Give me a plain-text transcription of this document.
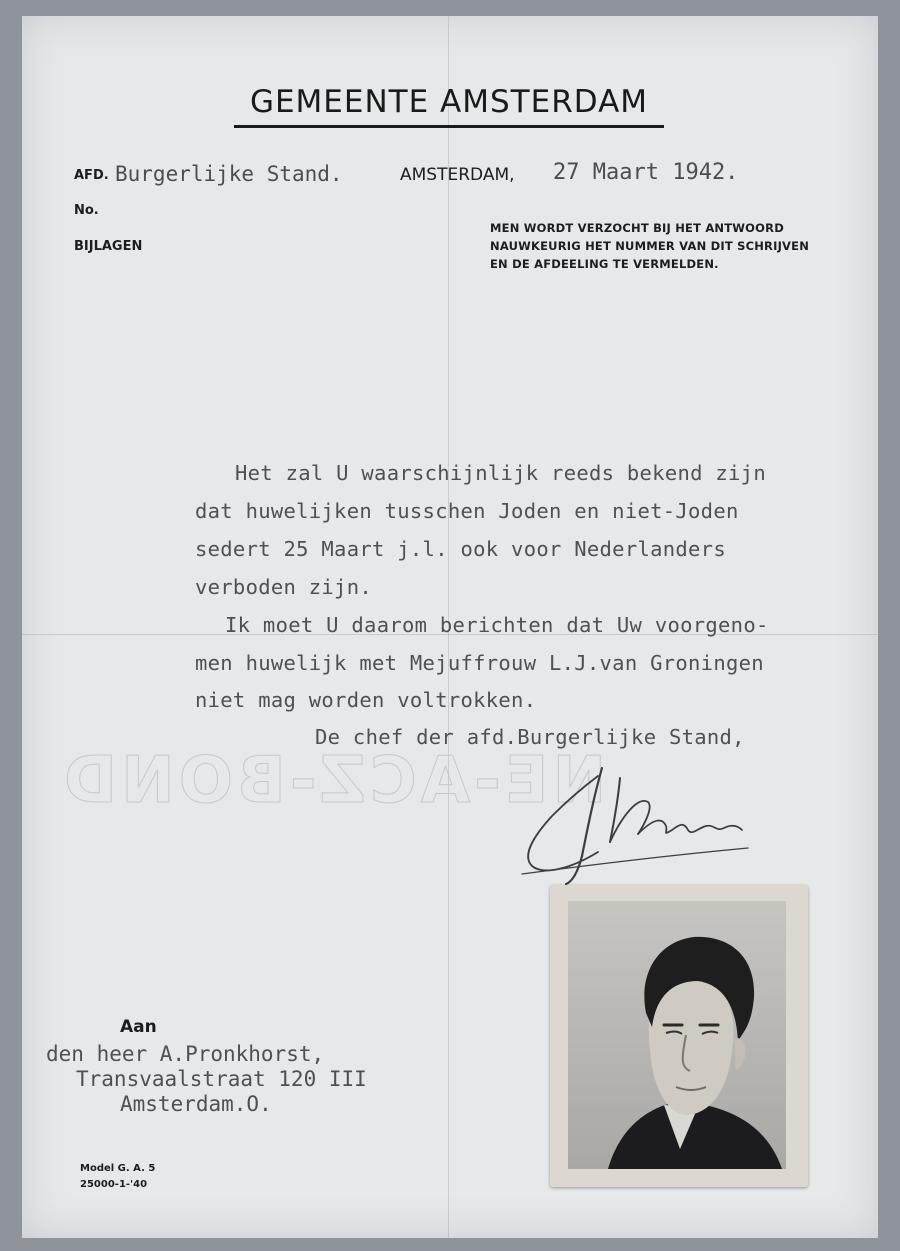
GEMEENTE AMSTERDAM
AFD. Burgerlijke Stand.	AMSTERDAM, 27 Maart 1942.
No.
BIJLAGEN
MEN WORDT VERZOCHT BIJ HET ANTWOORD
NAUWKEURIG HET NUMMER VAN DIT SCHRIJVEN
EN DE AFDEELING TE VERMELDEN.
Het zal U waarschijnlijk reeds bekend zijn
dat huwelijken tusschen Joden en niet-Joden
sedert 25 Maart j.l. ook voor Nederlanders
verboden zijn.
Ik moet U daarom berichten dat Uw voorgeno-
men huwelijk met Mejuffrouw L.J.van Groningen
niet mag worden voltrokken.
De chef der afd.Burgerlijke Stand,
NE-ACZ-BOND
Aan
den heer A.Pronkhorst,
Transvaalstraat 120 III
Amsterdam.O.
Model G. A. 5
25000-1-'40
